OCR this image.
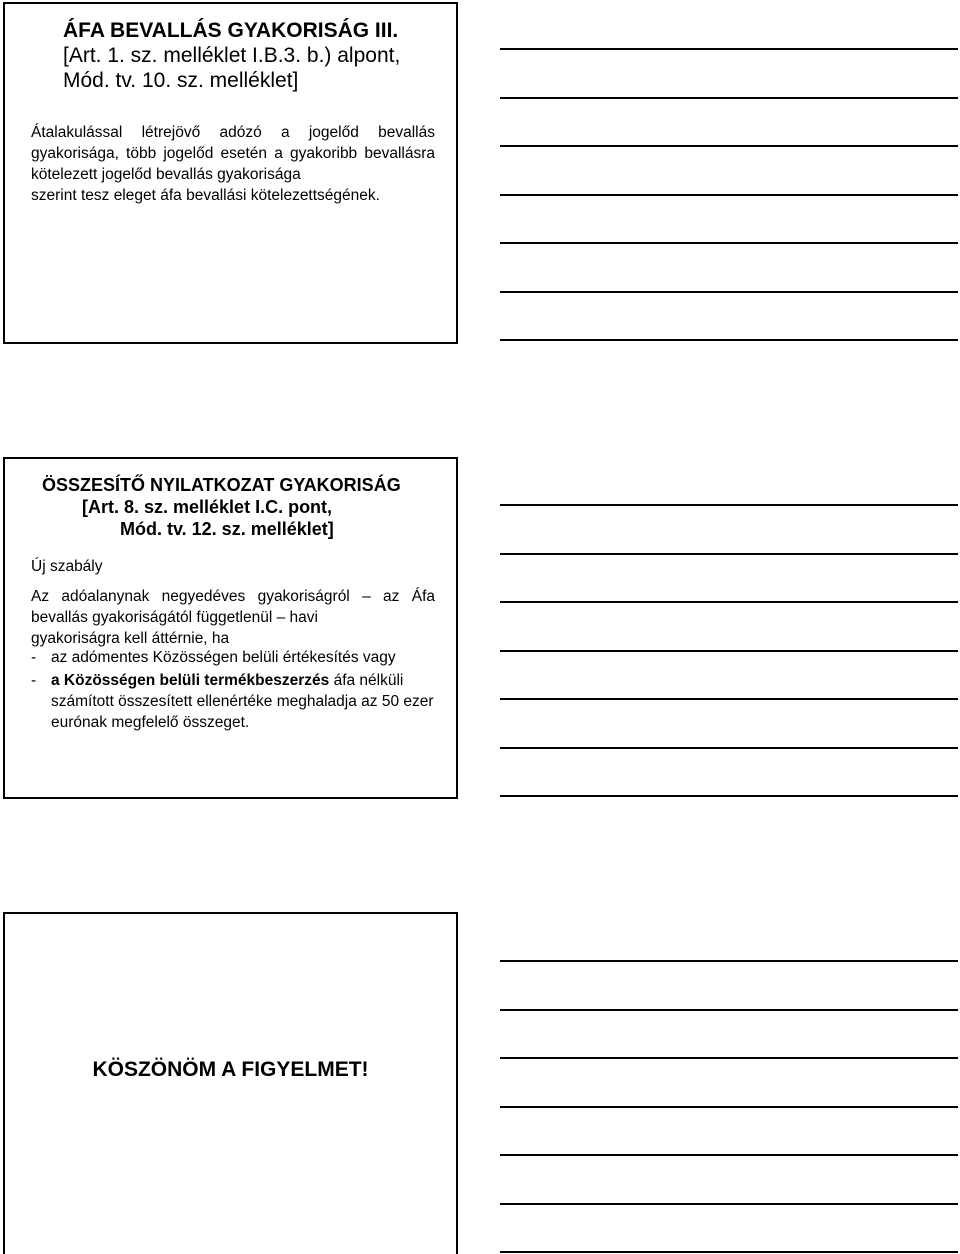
ÁFA BEVALLÁS GYAKORISÁG III.
[Art. 1. sz. melléklet I.B.3. b.) alpont,
Mód. tv. 10. sz. melléklet]

Átalakulással létrejövő adózó a jogelőd bevallás gyakorisága, több jogelőd esetén a gyakoribb bevallásra kötelezett jogelőd bevallás gyakorisága
szerint tesz eleget áfa bevallási kötelezettségének.

ÖSSZESÍTŐ NYILATKOZAT GYAKORISÁG
[Art. 8. sz. melléklet I.C. pont,
Mód. tv. 12. sz. melléklet]

Új szabály

Az adóalanynak negyedéves gyakoriságról – az Áfa bevallás gyakoriságától függetlenül – havi
gyakoriságra kell áttérnie, ha

- az adómentes Közösségen belüli értékesítés vagy
- a Közösségen belüli termékbeszerzés áfa nélküli számított összesített ellenértéke meghaladja az 50 ezer eurónak megfelelő összeget.

KÖSZÖNÖM A FIGYELMET!
